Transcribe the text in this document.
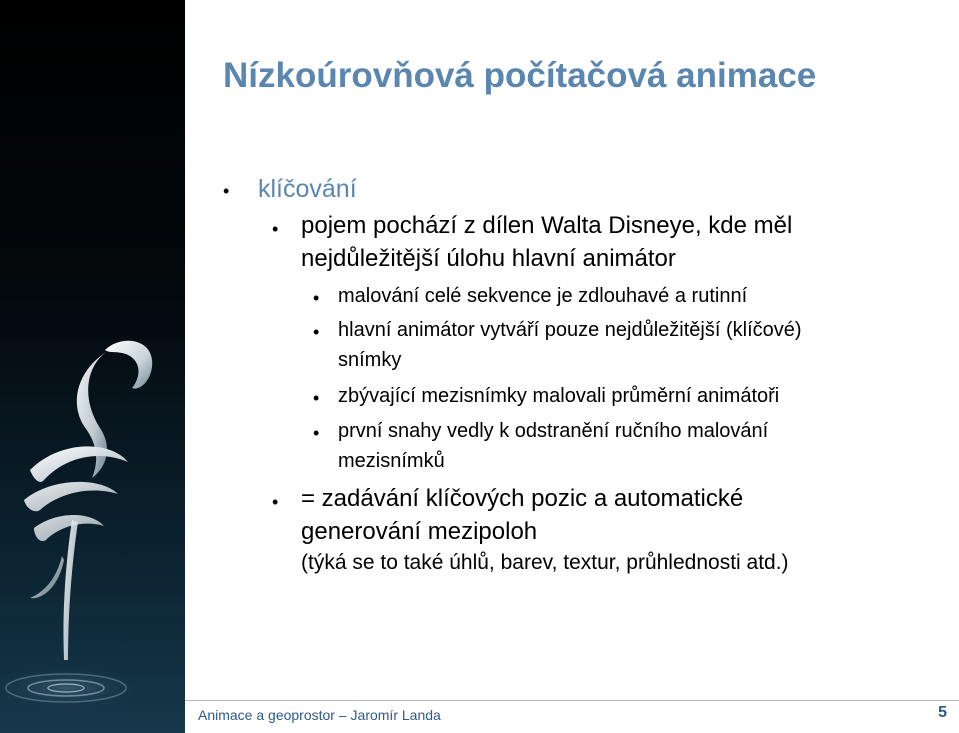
Nízkoúrovňová počítačová animace
• klíčování
• pojem pochází z dílen Walta Disneye, kde měl
nejdůležitější úlohu hlavní animátor
• malování celé sekvence je zdlouhavé a rutinní
• hlavní animátor vytváří pouze nejdůležitější (klíčové)
snímky
• zbývající mezisnímky malovali průměrní animátoři
• první snahy vedly k odstranění ručního malování
mezisnímků
• = zadávání klíčových pozic a automatické
generování mezipoloh
(týká se to také úhlů, barev, textur, průhlednosti atd.)
Animace a geoprostor – Jaromír Landa	5
